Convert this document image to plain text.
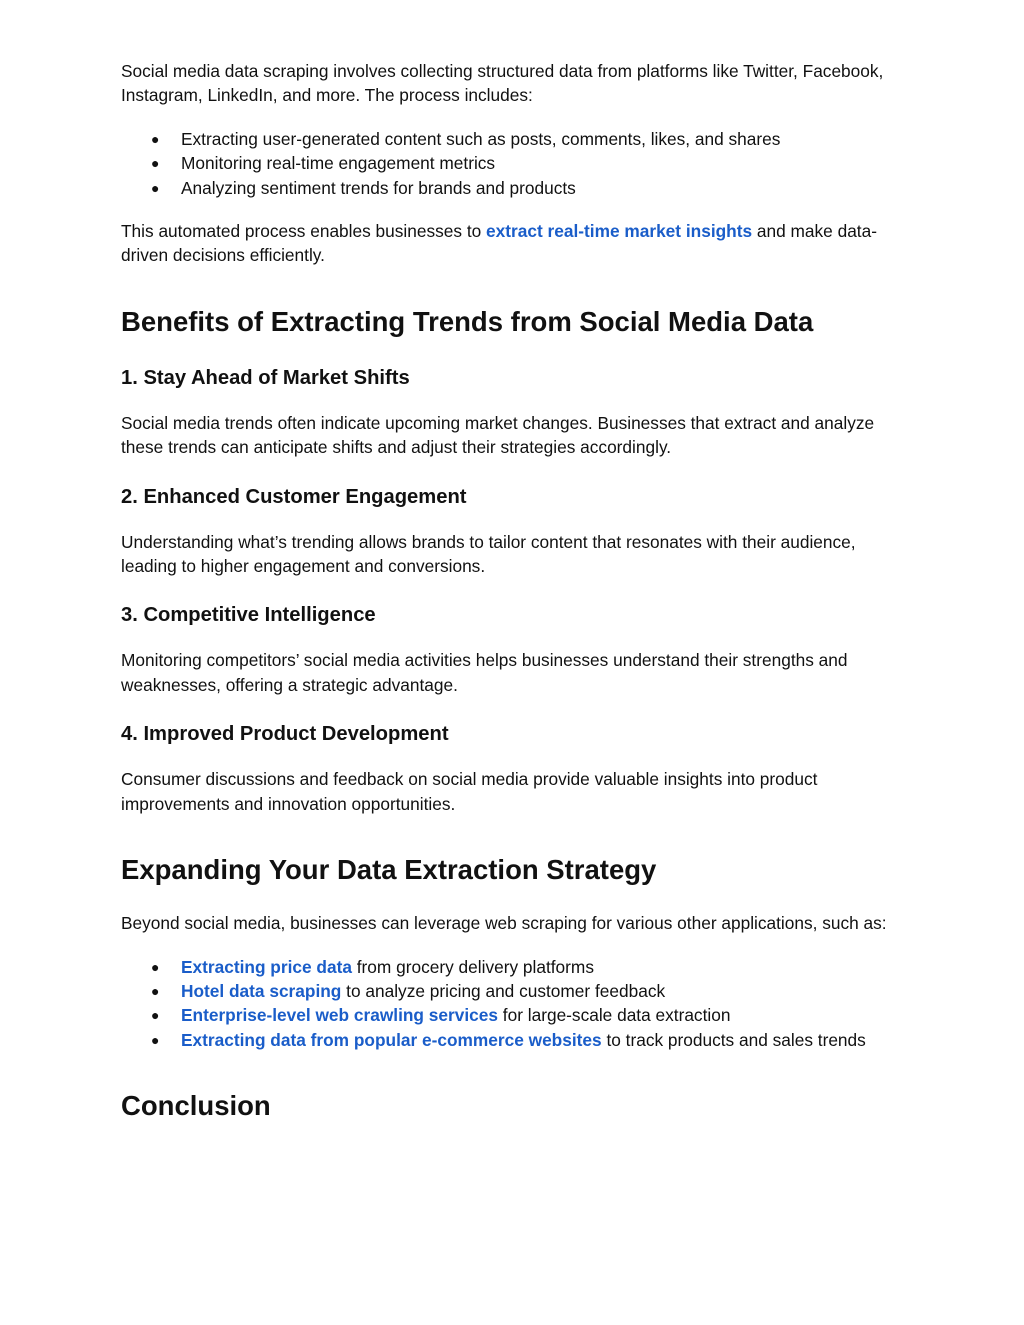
Social media data scraping involves collecting structured data from platforms like Twitter, Facebook, Instagram, LinkedIn, and more. The process includes:

● Extracting user-generated content such as posts, comments, likes, and shares
● Monitoring real-time engagement metrics
● Analyzing sentiment trends for brands and products

This automated process enables businesses to extract real-time market insights and make data-driven decisions efficiently.

Benefits of Extracting Trends from Social Media Data
1. Stay Ahead of Market Shifts

Social media trends often indicate upcoming market changes. Businesses that extract and analyze these trends can anticipate shifts and adjust their strategies accordingly.

2. Enhanced Customer Engagement

Understanding what’s trending allows brands to tailor content that resonates with their audience, leading to higher engagement and conversions.

3. Competitive Intelligence

Monitoring competitors’ social media activities helps businesses understand their strengths and weaknesses, offering a strategic advantage.

4. Improved Product Development

Consumer discussions and feedback on social media provide valuable insights into product improvements and innovation opportunities.

Expanding Your Data Extraction Strategy

Beyond social media, businesses can leverage web scraping for various other applications, such as:

● Extracting price data from grocery delivery platforms
● Hotel data scraping to analyze pricing and customer feedback
● Enterprise-level web crawling services for large-scale data extraction
● Extracting data from popular e-commerce websites to track products and sales trends
Conclusion
